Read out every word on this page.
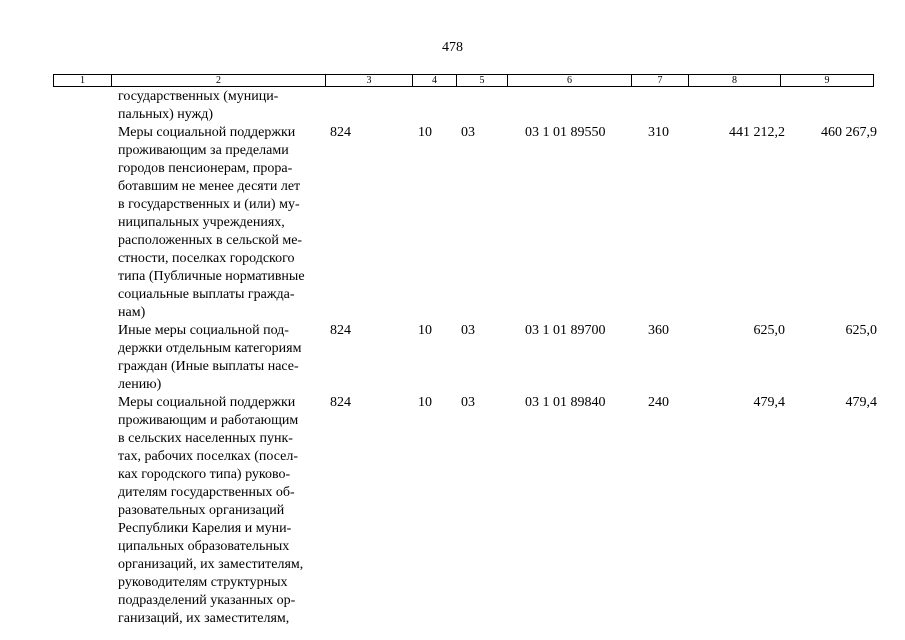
478
1	2	3	4	5	6	7	8	9
государственных (муници-
пальных) нужд)
Меры социальной поддержки
проживающим за пределами
городов пенсионерам, прора-
ботавшим не менее десяти лет
в государственных и (или) му-
ниципальных учреждениях,
расположенных в сельской ме-
стности, поселках городского
типа (Публичные нормативные
социальные выплаты гражда-
нам)
824	10 03	03 1 01 89550	310	441 212,2	460 267,9
Иные меры социальной под-
держки отдельным категориям
граждан (Иные выплаты насе-
лению)
824	10 03	03 1 01 89700	360	625,0	625,0
Меры социальной поддержки
проживающим и работающим
в сельских населенных пунк-
тах, рабочих поселках (посел-
ках городского типа) руково-
дителям государственных об-
разовательных организаций
Республики Карелия и муни-
ципальных образовательных
организаций, их заместителям,
руководителям структурных
подразделений указанных ор-
ганизаций, их заместителям,
824	10 03	03 1 01 89840	240	479,4	479,4
